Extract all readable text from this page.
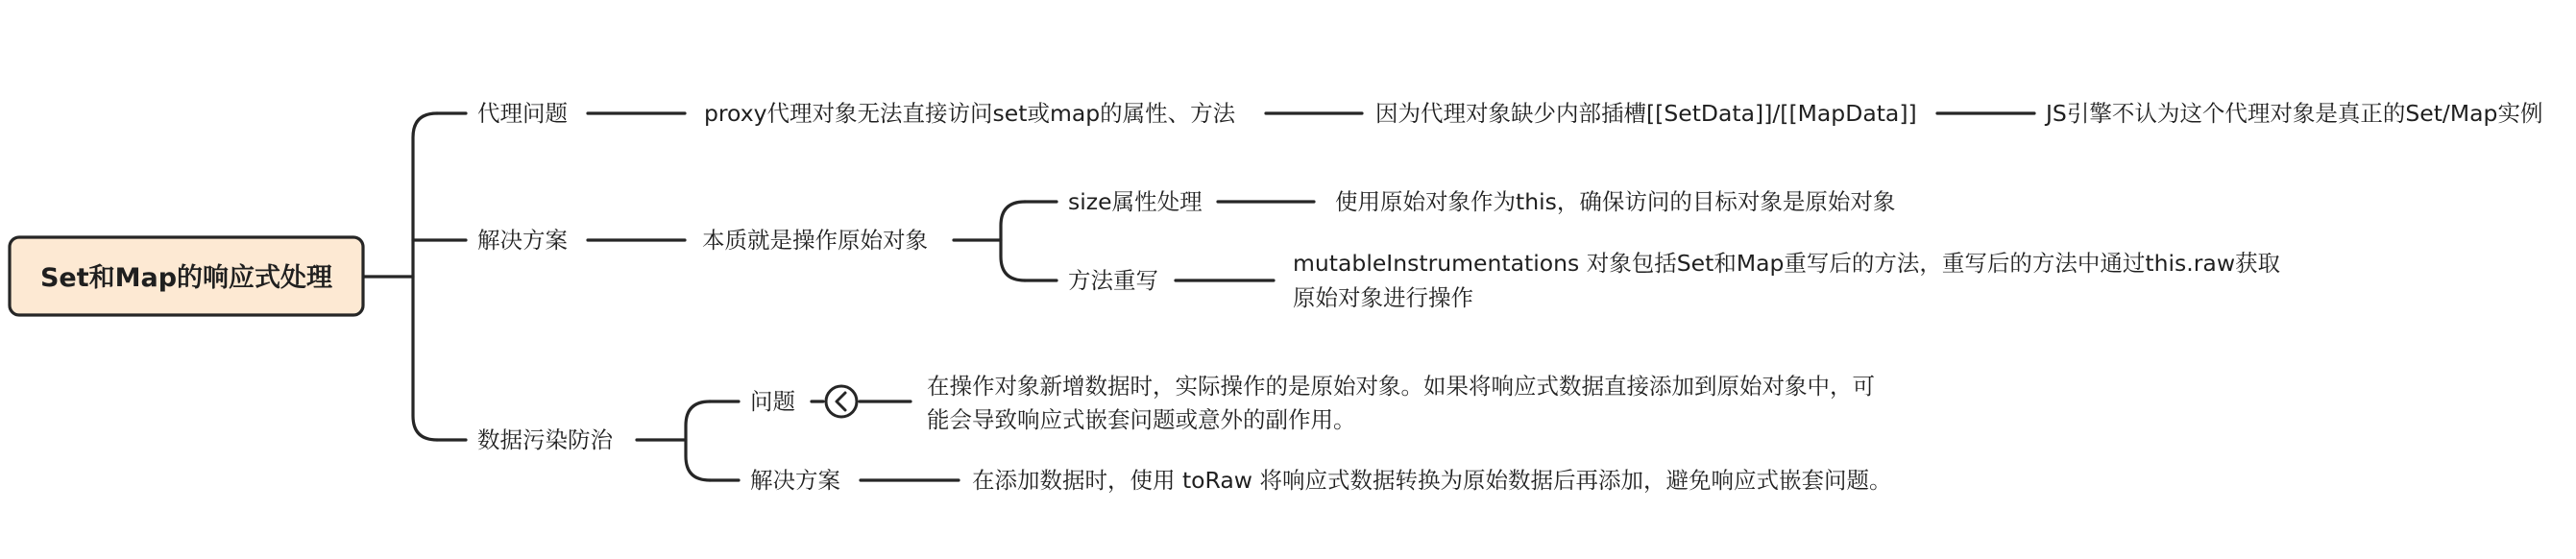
Set和Map的响应式处理
代理问题	proxy代理对象无法直接访问set或map的属性、方法	因为代理对象缺少内部插槽[[SetData]]/[[MapData]]	JS引擎不认为这个代理对象是真正的Set/Map实例
解决方案	本质就是操作原始对象
size属性处理	使用原始对象作为this，确保访问的目标对象是原始对象
方法重写
mutableInstrumentations 对象包括Set和Map重写后的方法，重写后的方法中通过this.raw获取
原始对象进行操作
数据污染防治
问题
在操作对象新增数据时，实际操作的是原始对象。如果将响应式数据直接添加到原始对象中，可
能会导致响应式嵌套问题或意外的副作用。
解决方案	在添加数据时，使用 toRaw 将响应式数据转换为原始数据后再添加，避免响应式嵌套问题。
